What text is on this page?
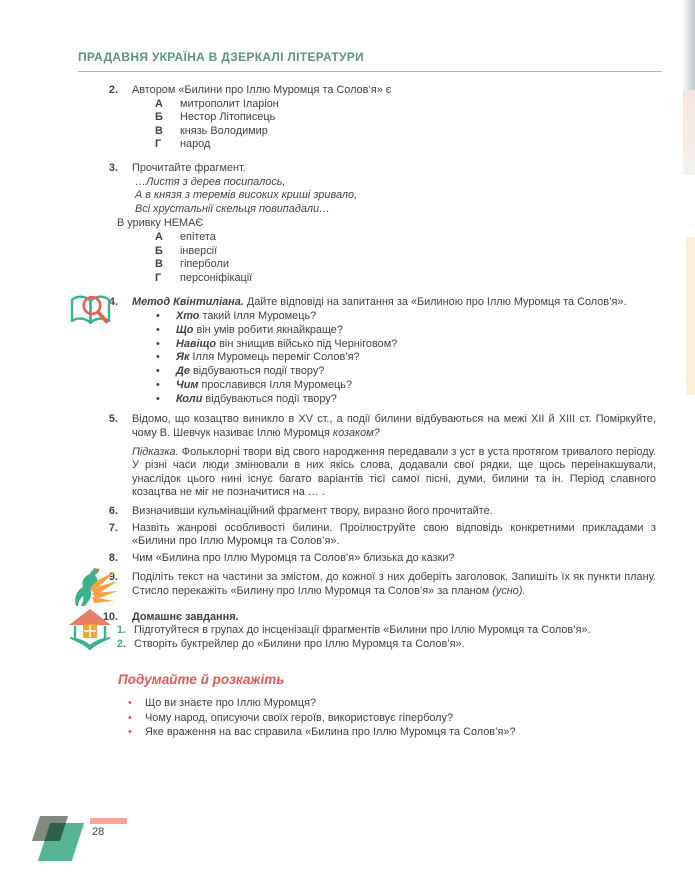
ПРАДАВНЯ УКРАЇНА В ДЗЕРКАЛІ ЛІТЕРАТУРИ
2. Автором «Билини про Іллю Муромця та Солов’я» є
А митрополит Іларіон
Б Нестор Літописець
В князь Володимир
Г	народ
3. Прочитайте фрагмент.
…Листя з дерев посипалось,
А в князя з теремів високих криші зривало,
Всі хрустальнії скельця повипадали…
В уривку НЕМАЄ
А епітета
Б інверсії
В гіперболи
Г	персоніфікації
4. Метод Квінтиліана. Дайте відповіді на запитання за «Билиною про Іллю Муромця та Солов’я».
•
Хто такий Ілля Муромець?
•
Що він умів робити якнайкраще?
•
Навіщо він знищив військо під Черніговом?
•
Як Ілля Муромець переміг Солов’я?
•
Де відбуваються події твору?
•
Чим прославився Ілля Муромець?
•
Коли відбуваються події твору?
5. Відомо, що козацтво виникло в XV ст., а події билини відбуваються на межі XII й XIII ст. Поміркуйте, чому В. Шевчук називає Іллю Муромця козаком?
Підказка. Фольклорні твори від свого народження передавали з уст в уста протягом тривалого періоду. У різні часи люди змінювали в них якісь слова, додавали свої рядки, ще щось переінакшували, унаслідок цього нині існує багато варіантів тієї самої пісні, думи, билини та ін. Період славного козацтва не міг не позначитися на … .
6. Визначивши кульмінаційний фрагмент твору, виразно його прочитайте.
7. Назвіть жанрові особливості билини. Проілюструйте свою відповідь конкретними прикладами з «Билини про Іллю Муромця та Солов’я».
8. Чим «Билина про Іллю Муромця та Солов’я» близька до казки?
9. Поділіть текст на частини за змістом, до кожної з них доберіть заголовок. Запишіть їх як пункти плану. Стисло перекажіть «Билину про Іллю Муромця та Солов’я» за планом (усно).
10. Домашнє завдання.
1. Підготуйтеся в групах до інсценізації фрагментів «Билини про Іллю Муромця та Солов’я».
2. Створіть буктрейлер до «Билини про Іллю Муромця та Солов’я».
Подумайте й розкажіть
•
Що ви знаєте про Іллю Муромця?
•
Чому народ, описуючи своїх героїв, використовує гіперболу?
•
Яке враження на вас справила «Билина про Іллю Муромця та Солов’я»?
28
